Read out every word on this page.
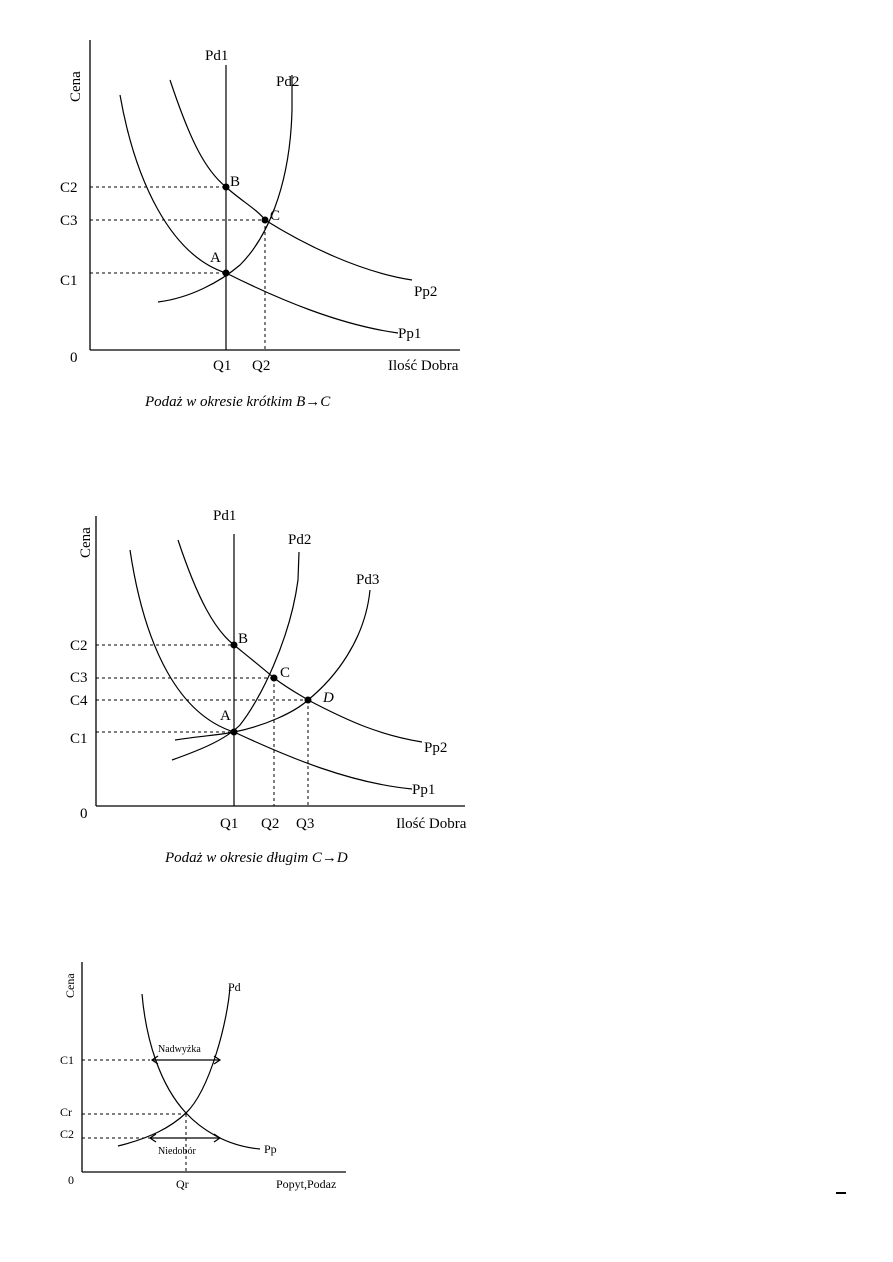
Cena
0	Ilość Dobra
Pd1
Pd2
Pp1
Pp2
C2
C3
C1
Q1 Q2
A
B
C
Podaż w okresie krótkim B→C
Cena
0
Ilość Dobra
Pd1
Pd2
Pd3
Pp1
Pp2
C2
C3
C4
C1
Q1 Q2 Q3
A
B
C
D
Podaż w okresie długim C→D
Cena
0	Popyt,Podaz
Pd
Pp
Nadwyżka
Niedobór
C1
Cr
C2
Qr
